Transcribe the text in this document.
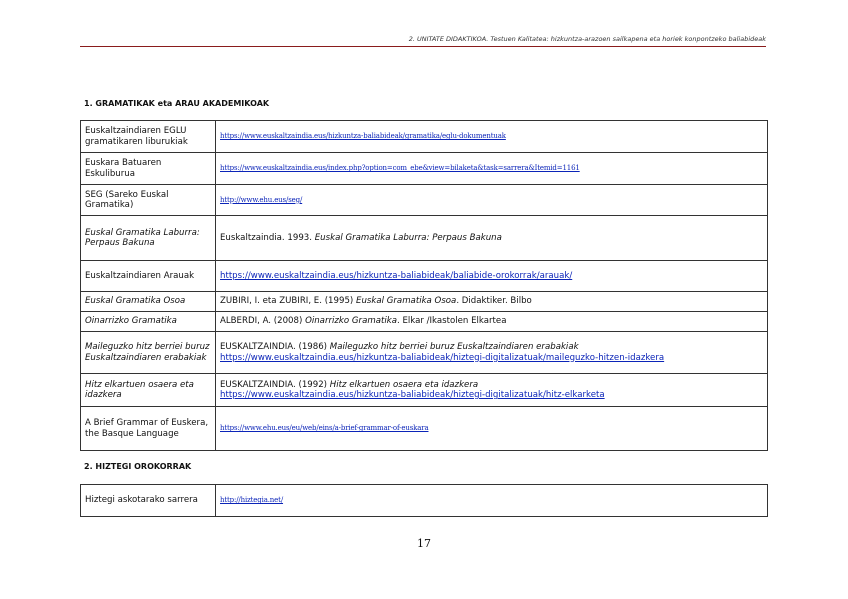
2. UNITATE DIDAKTIKOA. Testuen Kalitatea: hizkuntza-arazoen sailkapena eta horiek konpontzeko baliabideak
1. GRAMATIKAK eta ARAU AKADEMIKOAK
Euskaltzaindiaren EGLU gramatikaren liburukiak	https://www.euskaltzaindia.eus/hizkuntza-baliabideak/gramatika/eglu-dokumentuak
Euskara Batuaren Eskuliburua	https://www.euskaltzaindia.eus/index.php?option=com_ebe&view=bilaketa&task=sarrera&Itemid=1161
SEG (Sareko Euskal Gramatika)	http://www.ehu.eus/seg/
Euskal Gramatika Laburra: Perpaus Bakuna	Euskaltzaindia. 1993. Euskal Gramatika Laburra: Perpaus Bakuna
Euskaltzaindiaren Arauak	https://www.euskaltzaindia.eus/hizkuntza-baliabideak/baliabide-orokorrak/arauak/
Euskal Gramatika Osoa	ZUBIRI, I. eta ZUBIRI, E. (1995) Euskal Gramatika Osoa. Didaktiker. Bilbo
Oinarrizko Gramatika	ALBERDI, A. (2008) Oinarrizko Gramatika. Elkar /Ikastolen Elkartea
Maileguzko hitz berriei buruz Euskaltzaindiaren erabakiak	EUSKALTZAINDIA. (1986) Maileguzko hitz berriei buruz Euskaltzaindiaren erabakiak
https://www.euskaltzaindia.eus/hizkuntza-baliabideak/hiztegi-digitalizatuak/maileguzko-hitzen-idazkera
Hitz elkartuen osaera eta idazkera	EUSKALTZAINDIA. (1992) Hitz elkartuen osaera eta idazkera
https://www.euskaltzaindia.eus/hizkuntza-baliabideak/hiztegi-digitalizatuak/hitz-elkarketa
A Brief Grammar of Euskera, the Basque Language	https://www.ehu.eus/eu/web/eins/a-brief-grammar-of-euskara
2. HIZTEGI OROKORRAK
Hiztegi askotarako sarrera	http://hiztegia.net/
17
